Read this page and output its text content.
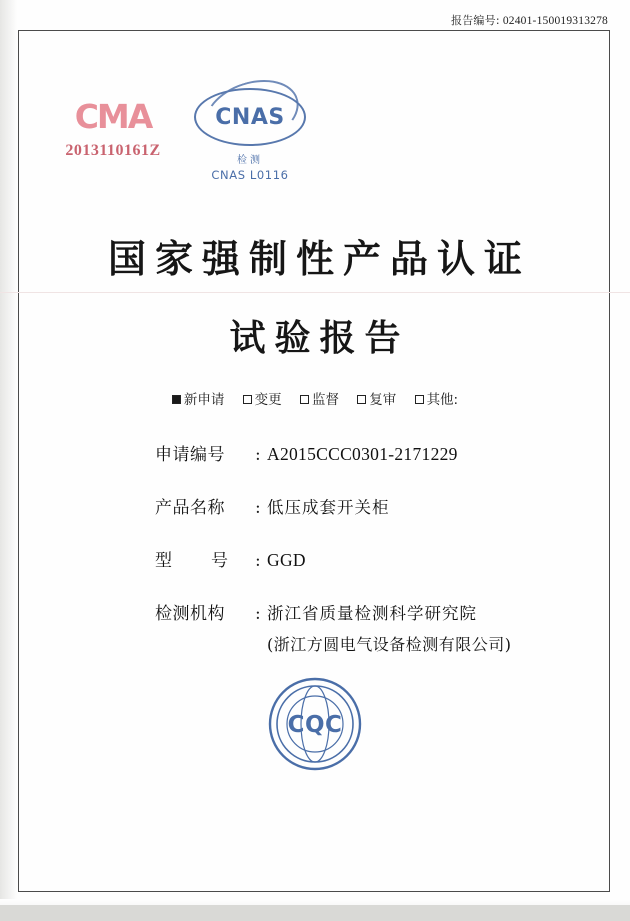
报告编号: 02401-150019313278
CMA
2013110161Z
CNAS
检测
CNAS L0116
国家强制性产品认证
试验报告
新申请 变更 监督 复审 其他:
申请编号	: A2015CCC0301-2171229
产品名称	: 低压成套开关柜
型　号 : GGD
检测机构	: 浙江省质量检测科学研究院
(浙江方圆电气设备检测有限公司)
CQC
